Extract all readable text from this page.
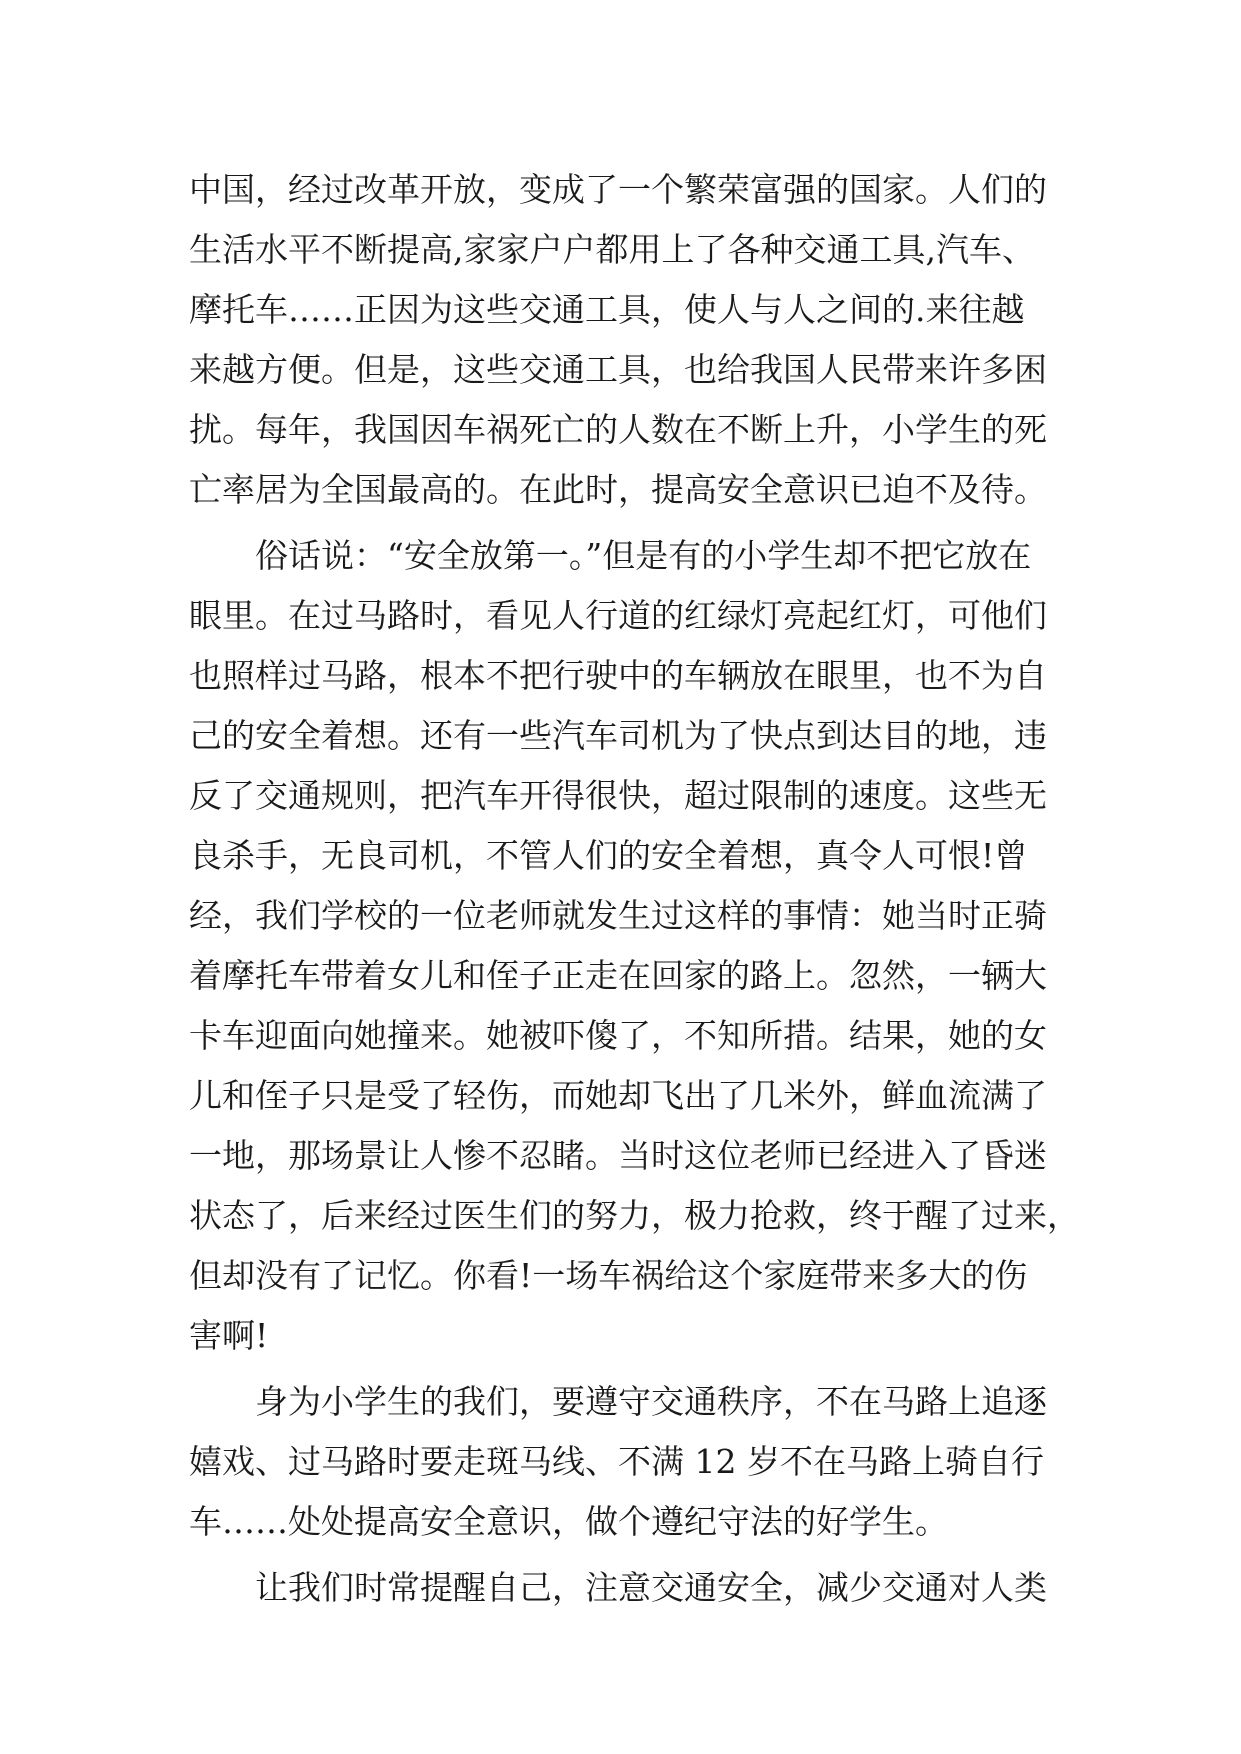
中国，经过改革开放，变成了一个繁荣富强的国家。人们的
生活水平不断提高,家家户户都用上了各种交通工具,汽车、
摩托车……正因为这些交通工具，使人与人之间的.来往越
来越方便。但是，这些交通工具，也给我国人民带来许多困
扰。每年，我国因车祸死亡的人数在不断上升，小学生的死
亡率居为全国最高的。在此时，提高安全意识已迫不及待。
俗话说：“安全放第一。”但是有的小学生却不把它放在
眼里。在过马路时，看见人行道的红绿灯亮起红灯，可他们
也照样过马路，根本不把行驶中的车辆放在眼里，也不为自
己的安全着想。还有一些汽车司机为了快点到达目的地，违
反了交通规则，把汽车开得很快，超过限制的速度。这些无
良杀手，无良司机，不管人们的安全着想，真令人可恨!曾
经，我们学校的一位老师就发生过这样的事情：她当时正骑
着摩托车带着女儿和侄子正走在回家的路上。忽然，一辆大
卡车迎面向她撞来。她被吓傻了，不知所措。结果，她的女
儿和侄子只是受了轻伤，而她却飞出了几米外，鲜血流满了
一地，那场景让人惨不忍睹。当时这位老师已经进入了昏迷
状态了，后来经过医生们的努力，极力抢救，终于醒了过来，
但却没有了记忆。你看!一场车祸给这个家庭带来多大的伤
害啊!
身为小学生的我们，要遵守交通秩序，不在马路上追逐
嬉戏、过马路时要走斑马线、不满 12 岁不在马路上骑自行
车……处处提高安全意识，做个遵纪守法的好学生。
让我们时常提醒自己，注意交通安全，减少交通对人类
